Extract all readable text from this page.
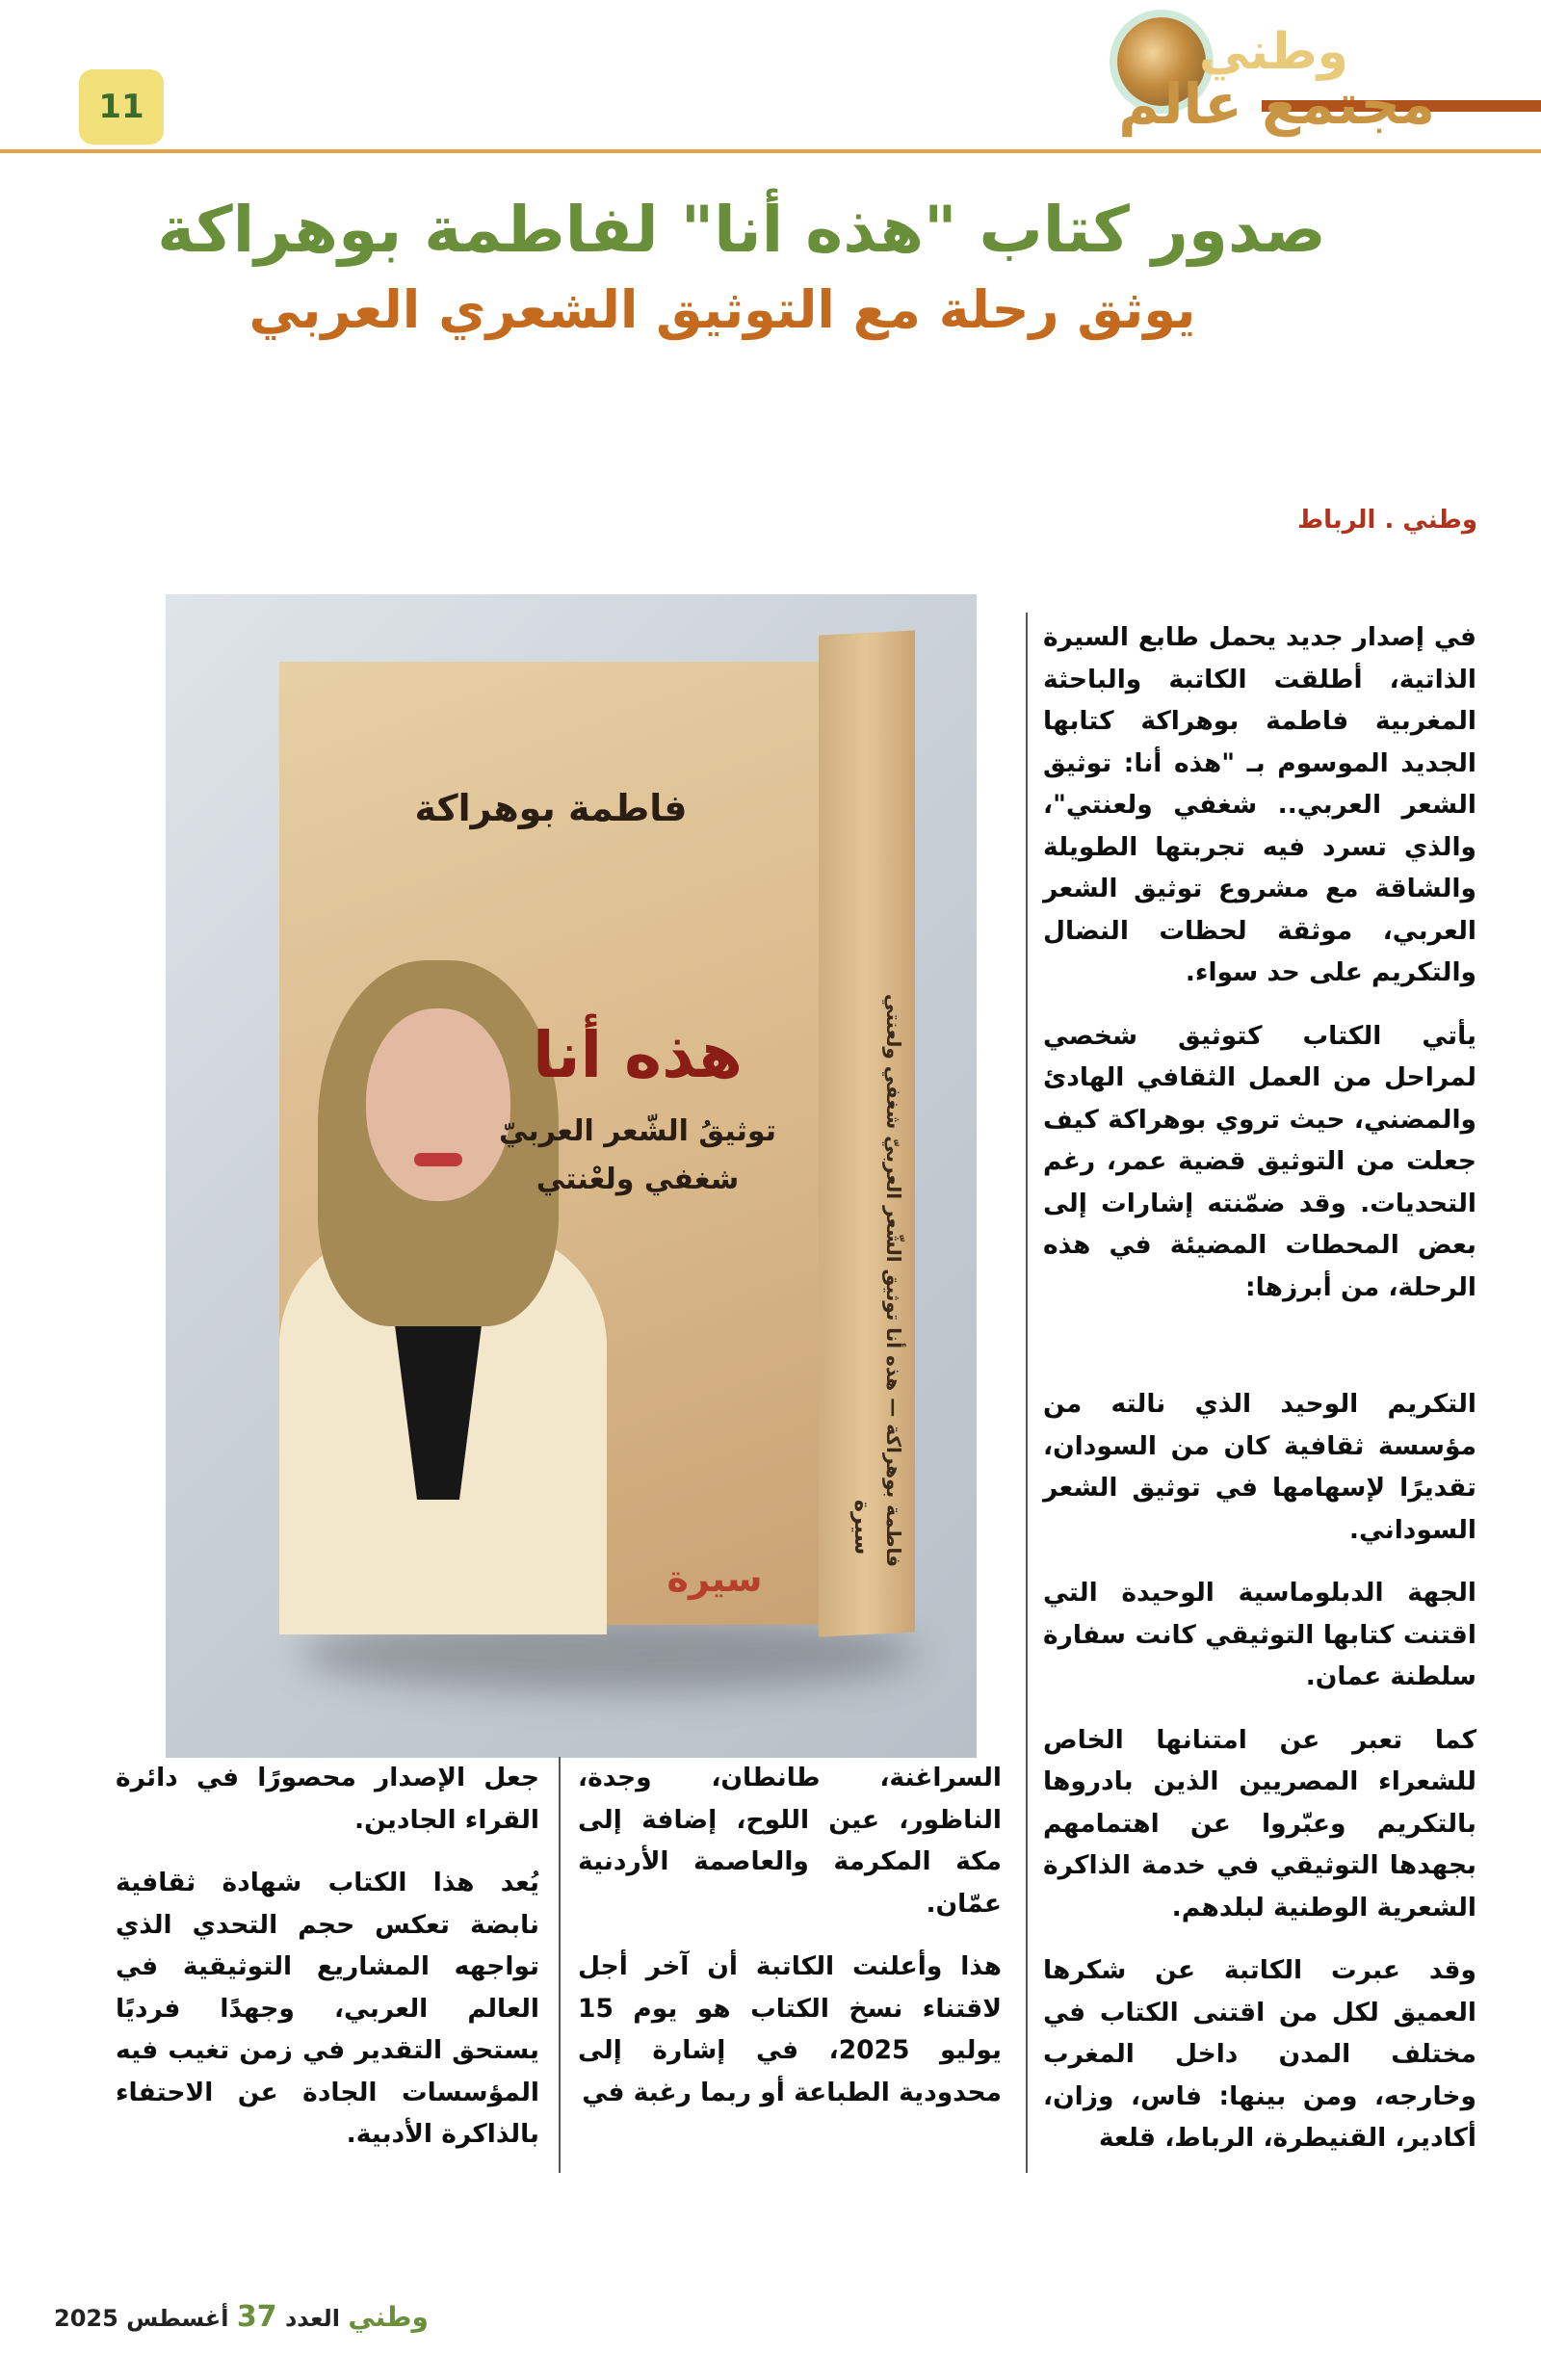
11
وطني
مجتمع عالم
صدور كتاب "هذه أنا" لفاطمة بوهراكة
يوثق رحلة مع التوثيق الشعري العربي
وطني . الرباط
فاطمة بوهراكة — هذه أنا توثيق الشّعر العربيّ شغفي ولعنتي
سيرة
فاطمة بوهراكة
هذه أنا
توثيقُ الشّعر العربيّ
شغفي ولعْنتي
سيرة

في إصدار جديد يحمل طابع السيرة الذاتية، أطلقت الكاتبة والباحثة المغربية فاطمة بوهراكة كتابها الجديد الموسوم بـ "هذه أنا: توثيق الشعر العربي.. شغفي ولعنتي"، والذي تسرد فيه تجربتها الطويلة والشاقة مع مشروع توثيق الشعر العربي، موثقة لحظات النضال والتكريم على حد سواء.

يأتي الكتاب كتوثيق شخصي لمراحل من العمل الثقافي الهادئ والمضني، حيث تروي بوهراكة كيف جعلت من التوثيق قضية عمر، رغم التحديات. وقد ضمّنته إشارات إلى بعض المحطات المضيئة في هذه الرحلة، من أبرزها:

التكريم الوحيد الذي نالته من مؤسسة ثقافية كان من السودان، تقديرًا لإسهامها في توثيق الشعر السوداني.

الجهة الدبلوماسية الوحيدة التي اقتنت كتابها التوثيقي كانت سفارة سلطنة عمان.

كما تعبر عن امتنانها الخاص للشعراء المصريين الذين بادروها بالتكريم وعبّروا عن اهتمامهم بجهدها التوثيقي في خدمة الذاكرة الشعرية الوطنية لبلدهم.

وقد عبرت الكاتبة عن شكرها العميق لكل من اقتنى الكتاب في مختلف المدن داخل المغرب وخارجه، ومن بينها: فاس، وزان، أكادير، القنيطرة، الرباط، قلعة

السراغنة، طانطان، وجدة، الناظور، عين اللوح، إضافة إلى مكة المكرمة والعاصمة الأردنية عمّان.

هذا وأعلنت الكاتبة أن آخر أجل لاقتناء نسخ الكتاب هو يوم 15 يوليو 2025، في إشارة إلى محدودية الطباعة أو ربما رغبة في

جعل الإصدار محصورًا في دائرة القراء الجادين.

يُعد هذا الكتاب شهادة ثقافية نابضة تعكس حجم التحدي الذي تواجهه المشاريع التوثيقية في العالم العربي، وجهدًا فرديًا يستحق التقدير في زمن تغيب فيه المؤسسات الجادة عن الاحتفاء بالذاكرة الأدبية.

وطني العدد 37 أغسطس 2025
